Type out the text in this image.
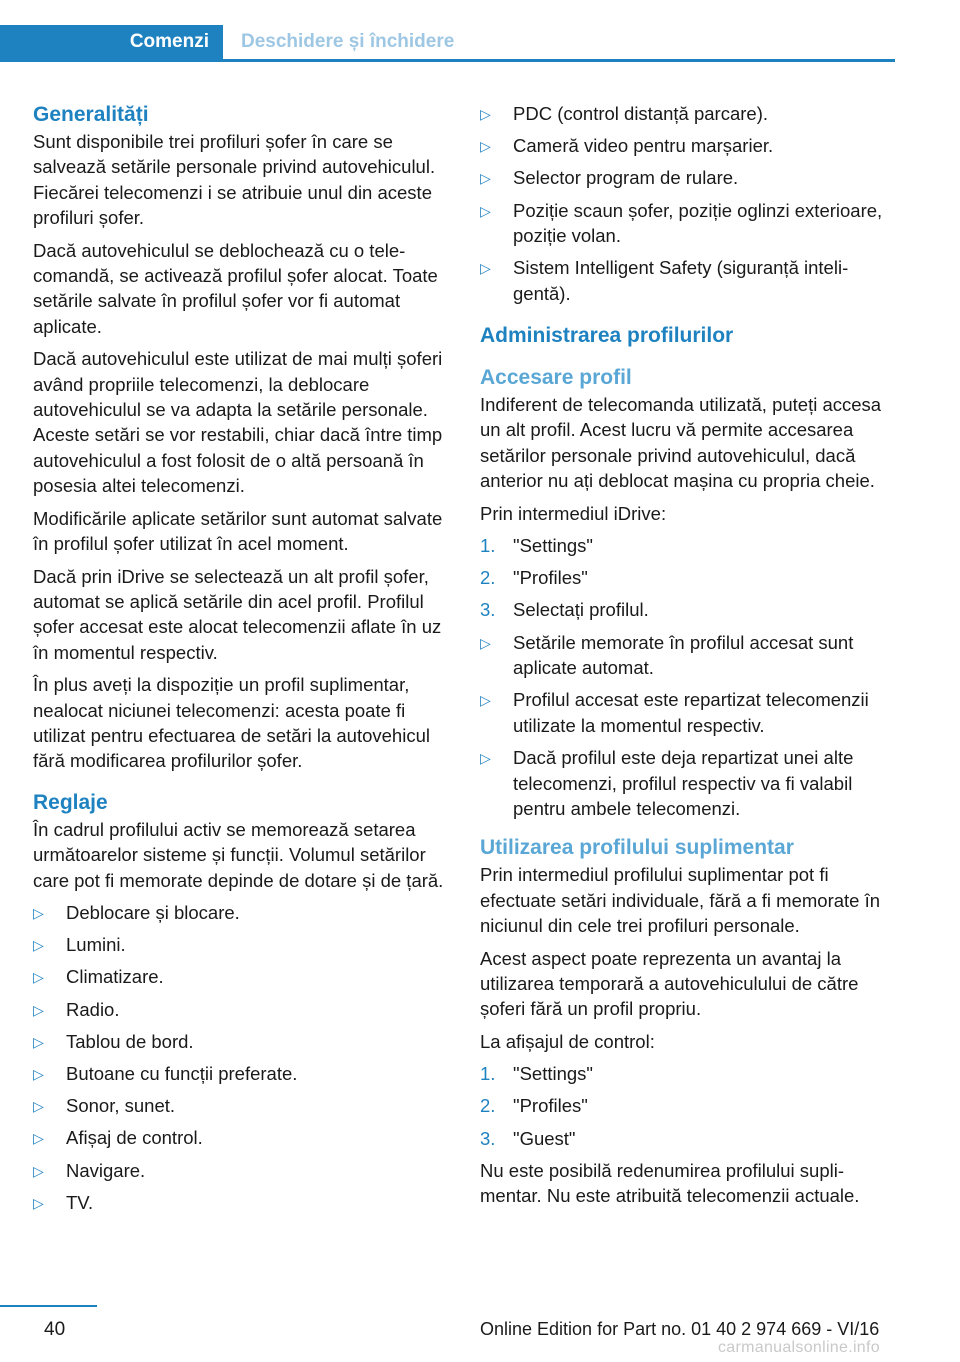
Comenzi	Deschidere și închidere
Generalități

Sunt disponibile trei profiluri șofer în care se salvează setările personale privind autovehiculul. Fiecărei telecomenzi i se atribuie unul din aceste profiluri șofer.

Dacă autovehiculul se deblochează cu o telecomandă, se activează profilul șofer alocat. Toate setările salvate în profilul șofer vor fi automat aplicate.

Dacă autovehiculul este utilizat de mai mulți șoferi având propriile telecomenzi, la deblocare autovehiculul se va adapta la setările personale. Aceste setări se vor restabili, chiar dacă între timp autovehiculul a fost folosit de o altă persoană în posesia altei telecomenzi.

Modificările aplicate setărilor sunt automat salvate în profilul șofer utilizat în acel moment.

Dacă prin iDrive se selectează un alt profil șofer, automat se aplică setările din acel profil. Profilul șofer accesat este alocat telecomenzii aflate în uz în momentul respectiv.

În plus aveți la dispoziție un profil suplimentar, nealocat niciunei telecomenzi: acesta poate fi utilizat pentru efectuarea de setări la autovehicul fără modificarea profilurilor șofer.

Reglaje

În cadrul profilului activ se memorează setarea următoarelor sisteme și funcții. Volumul setărilor care pot fi memorate depinde de dotare și de țară.

▷ Deblocare și blocare.
▷ Lumini.
▷ Climatizare.
▷ Radio.
▷ Tablou de bord.
▷ Butoane cu funcții preferate.
▷ Sonor, sunet.
▷ Afișaj de control.
▷ Navigare.
▷ TV.
▷ PDC (control distanță parcare).
▷ Cameră video pentru marșarier.
▷ Selector program de rulare.
▷ Poziție scaun șofer, poziție oglinzi exterioare, poziție volan.
▷ Sistem Intelligent Safety (siguranță inteligentă).
Administrarea profilurilor
Accesare profil

Indiferent de telecomanda utilizată, puteți accesa un alt profil. Acest lucru vă permite accesarea setărilor personale privind autovehiculul, dacă anterior nu ați deblocat mașina cu propria cheie.

Prin intermediul iDrive:

1. "Settings"
2. "Profiles"
3. Selectați profilul.
▷ Setările memorate în profilul accesat sunt aplicate automat.
▷ Profilul accesat este repartizat telecomenzii utilizate la momentul respectiv.
▷ Dacă profilul este deja repartizat unei alte telecomenzi, profilul respectiv va fi valabil pentru ambele telecomenzi.
Utilizarea profilului suplimentar

Prin intermediul profilului suplimentar pot fi efectuate setări individuale, fără a fi memorate în niciunul din cele trei profiluri personale.

Acest aspect poate reprezenta un avantaj la utilizarea temporară a autovehiculului de către șoferi fără un profil propriu.

La afișajul de control:

1. "Settings"
2. "Profiles"
3. "Guest"

Nu este posibilă redenumirea profilului suplimentar. Nu este atribuită telecomenzii actuale.

40	Online Edition for Part no. 01 40 2 974 669 - VI/16
carmanualsonline.info
